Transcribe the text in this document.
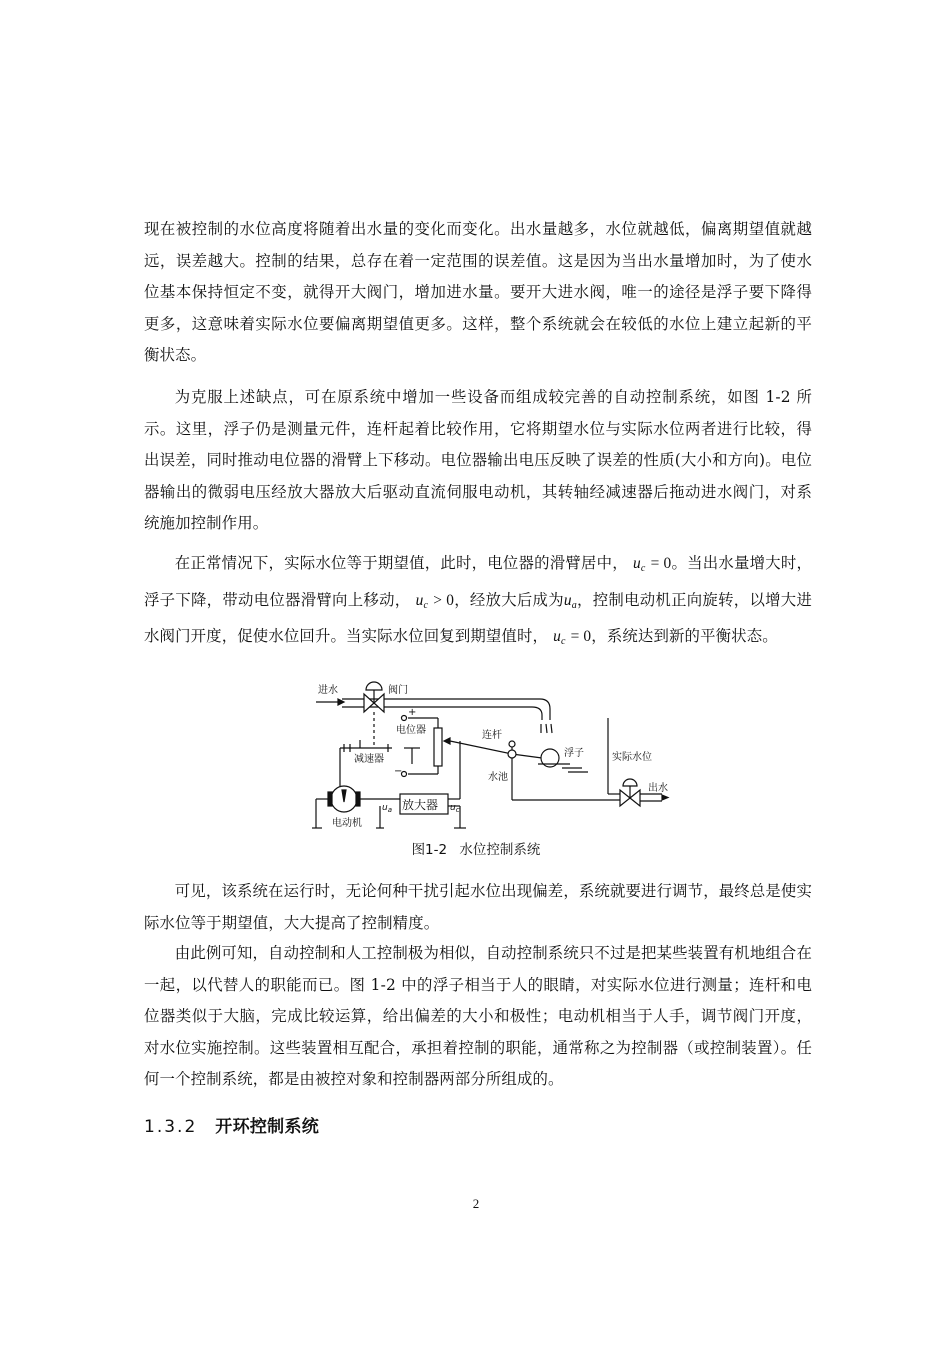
现在被控制的水位高度将随着出水量的变化而变化。出水量越多，水位就越低，偏离期望值就越远，误差越大。控制的结果，总存在着一定范围的误差值。这是因为当出水量增加时，为了使水位基本保持恒定不变，就得开大阀门，增加进水量。要开大进水阀，唯一的途径是浮子要下降得更多，这意味着实际水位要偏离期望值更多。这样，整个系统就会在较低的水位上建立起新的平衡状态。

为克服上述缺点，可在原系统中增加一些设备而组成较完善的自动控制系统，如图 1-2 所示。这里，浮子仍是测量元件，连杆起着比较作用，它将期望水位与实际水位两者进行比较，得出误差，同时推动电位器的滑臂上下移动。电位器输出电压反映了误差的性质(大小和方向)。电位器输出的微弱电压经放大器放大后驱动直流伺服电动机，其转轴经减速器后拖动进水阀门，对系统施加控制作用。

在正常情况下，实际水位等于期望值，此时，电位器的滑臂居中， $u_c = 0$。当出水量增大时，浮子下降，带动电位器滑臂向上移动， $u_c > 0$，经放大后成为$u_a$，控制电动机正向旋转，以增大进水阀门开度，促使水位回升。当实际水位回复到期望值时， $u_c = 0$，系统达到新的平衡状态。

进水	阀门
+
电位器	连杆
浮子	实际水位
减速器
−
水池
出水
放大器
电动机
$u_a$	$u_c$
图1-2 水位控制系统

可见，该系统在运行时，无论何种干扰引起水位出现偏差，系统就要进行调节，最终总是使实际水位等于期望值，大大提高了控制精度。

由此例可知，自动控制和人工控制极为相似，自动控制系统只不过是把某些装置有机地组合在一起，以代替人的职能而已。图 1-2 中的浮子相当于人的眼睛，对实际水位进行测量；连杆和电位器类似于大脑，完成比较运算，给出偏差的大小和极性；电动机相当于人手，调节阀门开度，对水位实施控制。这些装置相互配合，承担着控制的职能，通常称之为控制器（或控制装置）。任何一个控制系统，都是由被控对象和控制器两部分所组成的。

1.3.2 开环控制系统
2
